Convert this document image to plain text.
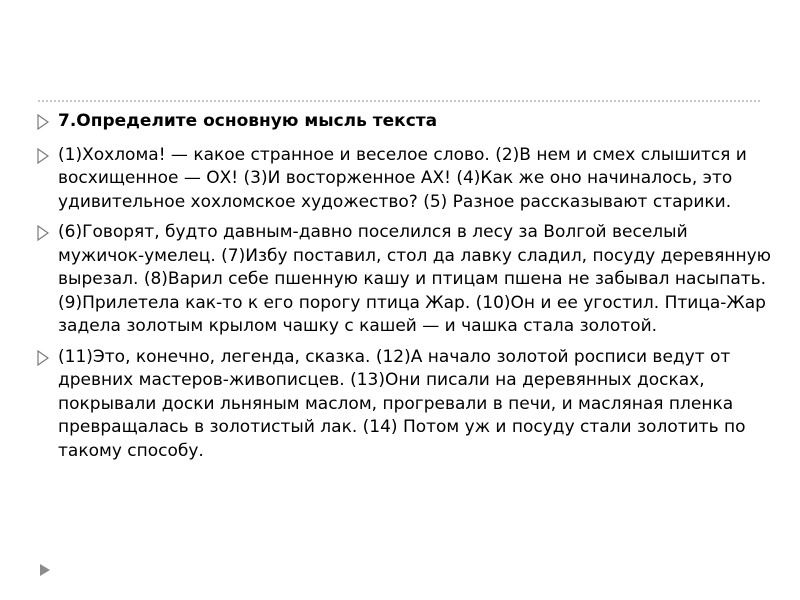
7.Определите основную мысль текста
(1)Хохлома! — какое странное и веселое слово. (2)В нем и смех слышится и восхищенное — ОХ! (3)И восторженное АХ! (4)Как же оно начиналось, это удивительное хохломское художество? (5) Разное рассказывают старики.
(6)Говорят, будто давным-давно поселился в лесу за Волгой веселый мужичок-умелец. (7)Избу поставил, стол да лавку сладил, посуду деревянную вырезал. (8)Варил себе пшенную кашу и птицам пшена не забывал насыпать. (9)Прилетела как-то к его порогу птица Жар. (10)Он и ее угостил. Птица-Жар задела золотым крылом чашку с кашей — и чашка стала золотой.
(11)Это, конечно, легенда, сказка. (12)А начало золотой росписи ведут от древних мастеров-живописцев. (13)Они писали на деревянных досках, покрывали доски льняным маслом, прогревали в печи, и масляная пленка превращалась в золотистый лак. (14) Потом уж и посуду стали золотить по такому способу.
